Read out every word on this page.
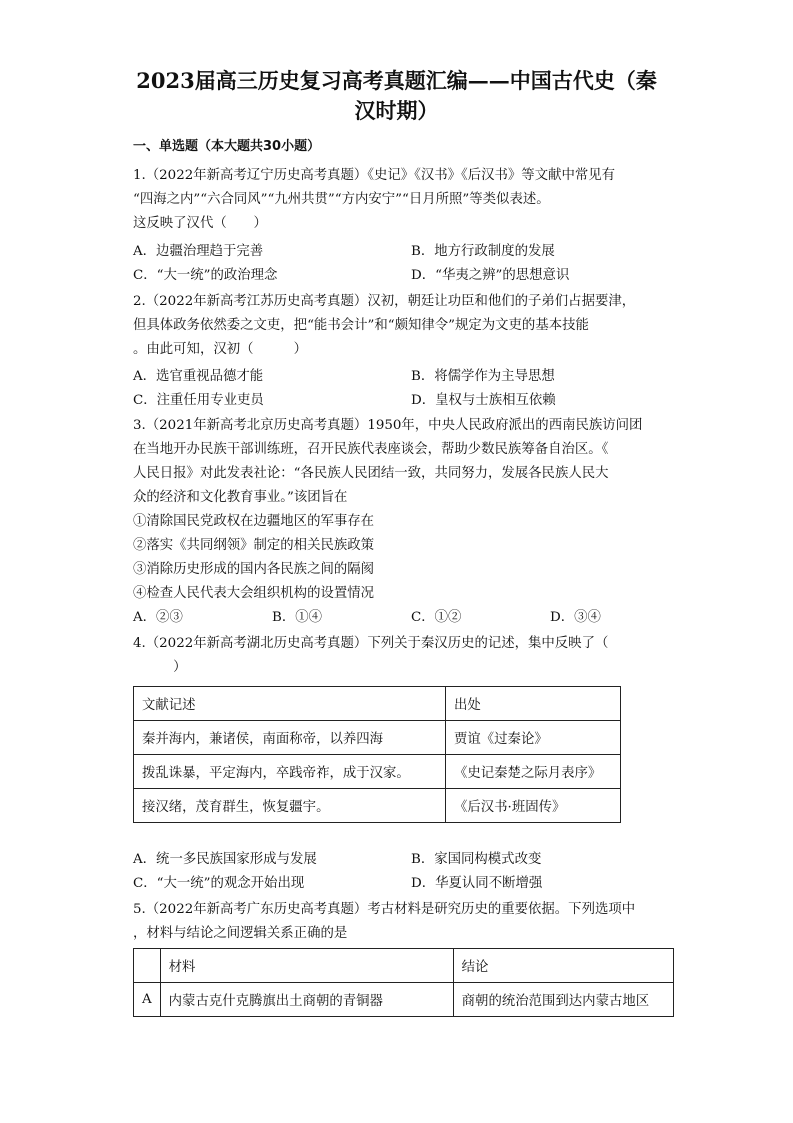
2023届高三历史复习高考真题汇编——中国古代史（秦
汉时期）
一、单选题（本大题共30小题）
1.（2022年新高考辽宁历史高考真题）《史记》《汉书》《后汉书》等文献中常见有
“四海之内”“六合同风”“九州共贯”“方内安宁”“日月所照”等类似表述。
这反映了汉代（　　）
A．边疆治理趋于完善	B．地方行政制度的发展
C．“大一统”的政治理念	D．“华夷之辨”的思想意识
2.（2022年新高考江苏历史高考真题）汉初，朝廷让功臣和他们的子弟们占据要津，
但具体政务依然委之文吏，把“能书会计”和“颇知律令”规定为文吏的基本技能
。由此可知，汉初（　　　）
A．选官重视品德才能	B．将儒学作为主导思想
C．注重任用专业吏员	D．皇权与士族相互依赖
3.（2021年新高考北京历史高考真题）1950年，中央人民政府派出的西南民族访问团
在当地开办民族干部训练班，召开民族代表座谈会，帮助少数民族筹备自治区。《
人民日报》对此发表社论：“各民族人民团结一致，共同努力，发展各民族人民大
众的经济和文化教育事业。”该团旨在
①清除国民党政权在边疆地区的军事存在
②落实《共同纲领》制定的相关民族政策
③消除历史形成的国内各民族之间的隔阂
④检查人民代表大会组织机构的设置情况
A．②③	B．①④	C．①②	D．③④
4.（2022年新高考湖北历史高考真题）下列关于秦汉历史的记述，集中反映了（
　　　）
文献记述	出处
秦并海内，兼诸侯，南面称帝，以养四海	贾谊《过秦论》
拨乱诛暴，平定海内，卒践帝祚，成于汉家。	《史记秦楚之际月表序》
接汉绪，茂育群生，恢复疆宇。	《后汉书·班固传》
A．统一多民族国家形成与发展	B．家国同构模式改变
C．“大一统”的观念开始出现	D．华夏认同不断增强
5.（2022年新高考广东历史高考真题）考古材料是研究历史的重要依据。下列选项中
，材料与结论之间逻辑关系正确的是
	材料	结论
A	内蒙古克什克腾旗出土商朝的青铜器	商朝的统治范围到达内蒙古地区
